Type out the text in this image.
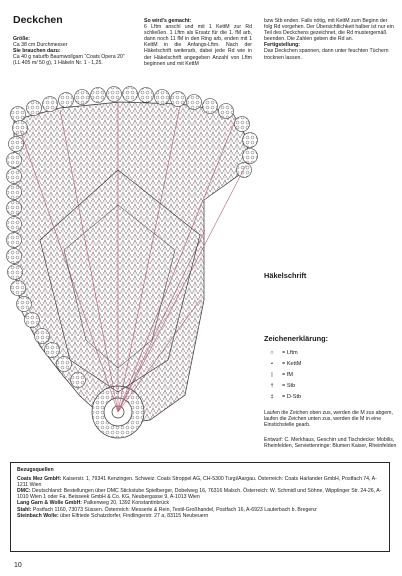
Deckchen

Größe:

Ca 38 cm Durchmesser

Sie brauchen dazu:

Ca 40 g naturfb Baumwollgarn “Coats Opera 20” (LL 405 m/ 50 g), 1 Häkeln Nr. 1 - 1,25.

So wird's gemacht:

6 Lftm anschl und mit 1 KettM zur Rd schließen. 1 Lftm als Ersatz für die 1. fM arb, dann noch 11 fM in den Ring arb, enden mit 1 KettM in die Anfangs-Lftm. Nach der Häkelschrift weiterarb, dabei jede Rd wie in der Häkelschrift angegeben Anzahl von Lftm beginnen und mit KettM

bzw Stb enden. Falls nötig, mit KettM zum Beginn der folg Rd vorgehen. Der Übersichtlichkeit halber ist nur ein Teil des Deckchens gezeichnet, die Rd mustergemäß beenden. Die Zahlen geben die Rd an.

Fertigstellung:

Das Deckchen spannen, dann unter feuchten Tüchern trocknen lassen.

Häkelschrift
Zeichenerklärung:
○	= Lftm
•	= KettM
|	= fM
†	= Stb
‡	= D-Stb

Laufen die Zeichen oben zus, werden die M zus abgem, laufen die Zeichen unten zus, werden die M in eine Einstichstelle gearb.

Entwurf: C. Merkhaus, Geschirr und Tischdecke: Mobilis, Rheinfelden, Serviettenringe: Blumen Kaiser, Rheinfelden

Bezugsquellen

Coats Mez GmbH: Kaiserstr. 1, 79341 Kenzingen. Schweiz: Coats Stroppel AG, CH-5300 Turgi/Aargau. Österreich: Coats Harlander GmbH, Postfach 74, A-1211 Wien

DMC: Deutschland: Bestellungen über DMC Stickstube Spielberger, Dobelweg 16, 76316 Malsch. Österreich: W. Schmidl und Söhne, Wipplinger Str. 24-26, A-1010 Wien 1 oder Fa. Beisseek GmbH & Co. KG, Neubergasse 9, A-1013 Wien

Lang Garn & Wolle GmbH: Palkenweg 20, 1392 Konstantinbrück

Stahl: Postfach 1160, 73073 Süssen. Österreich: Messerle & Rein, Textil-Großhandel, Postfach 16, A-6923 Lauterbach b. Bregenz

Steinbach Wolle: über Elfriede Schatzdorfer, Findlingerstr. 27 a, 83115 Neubeuern

10
